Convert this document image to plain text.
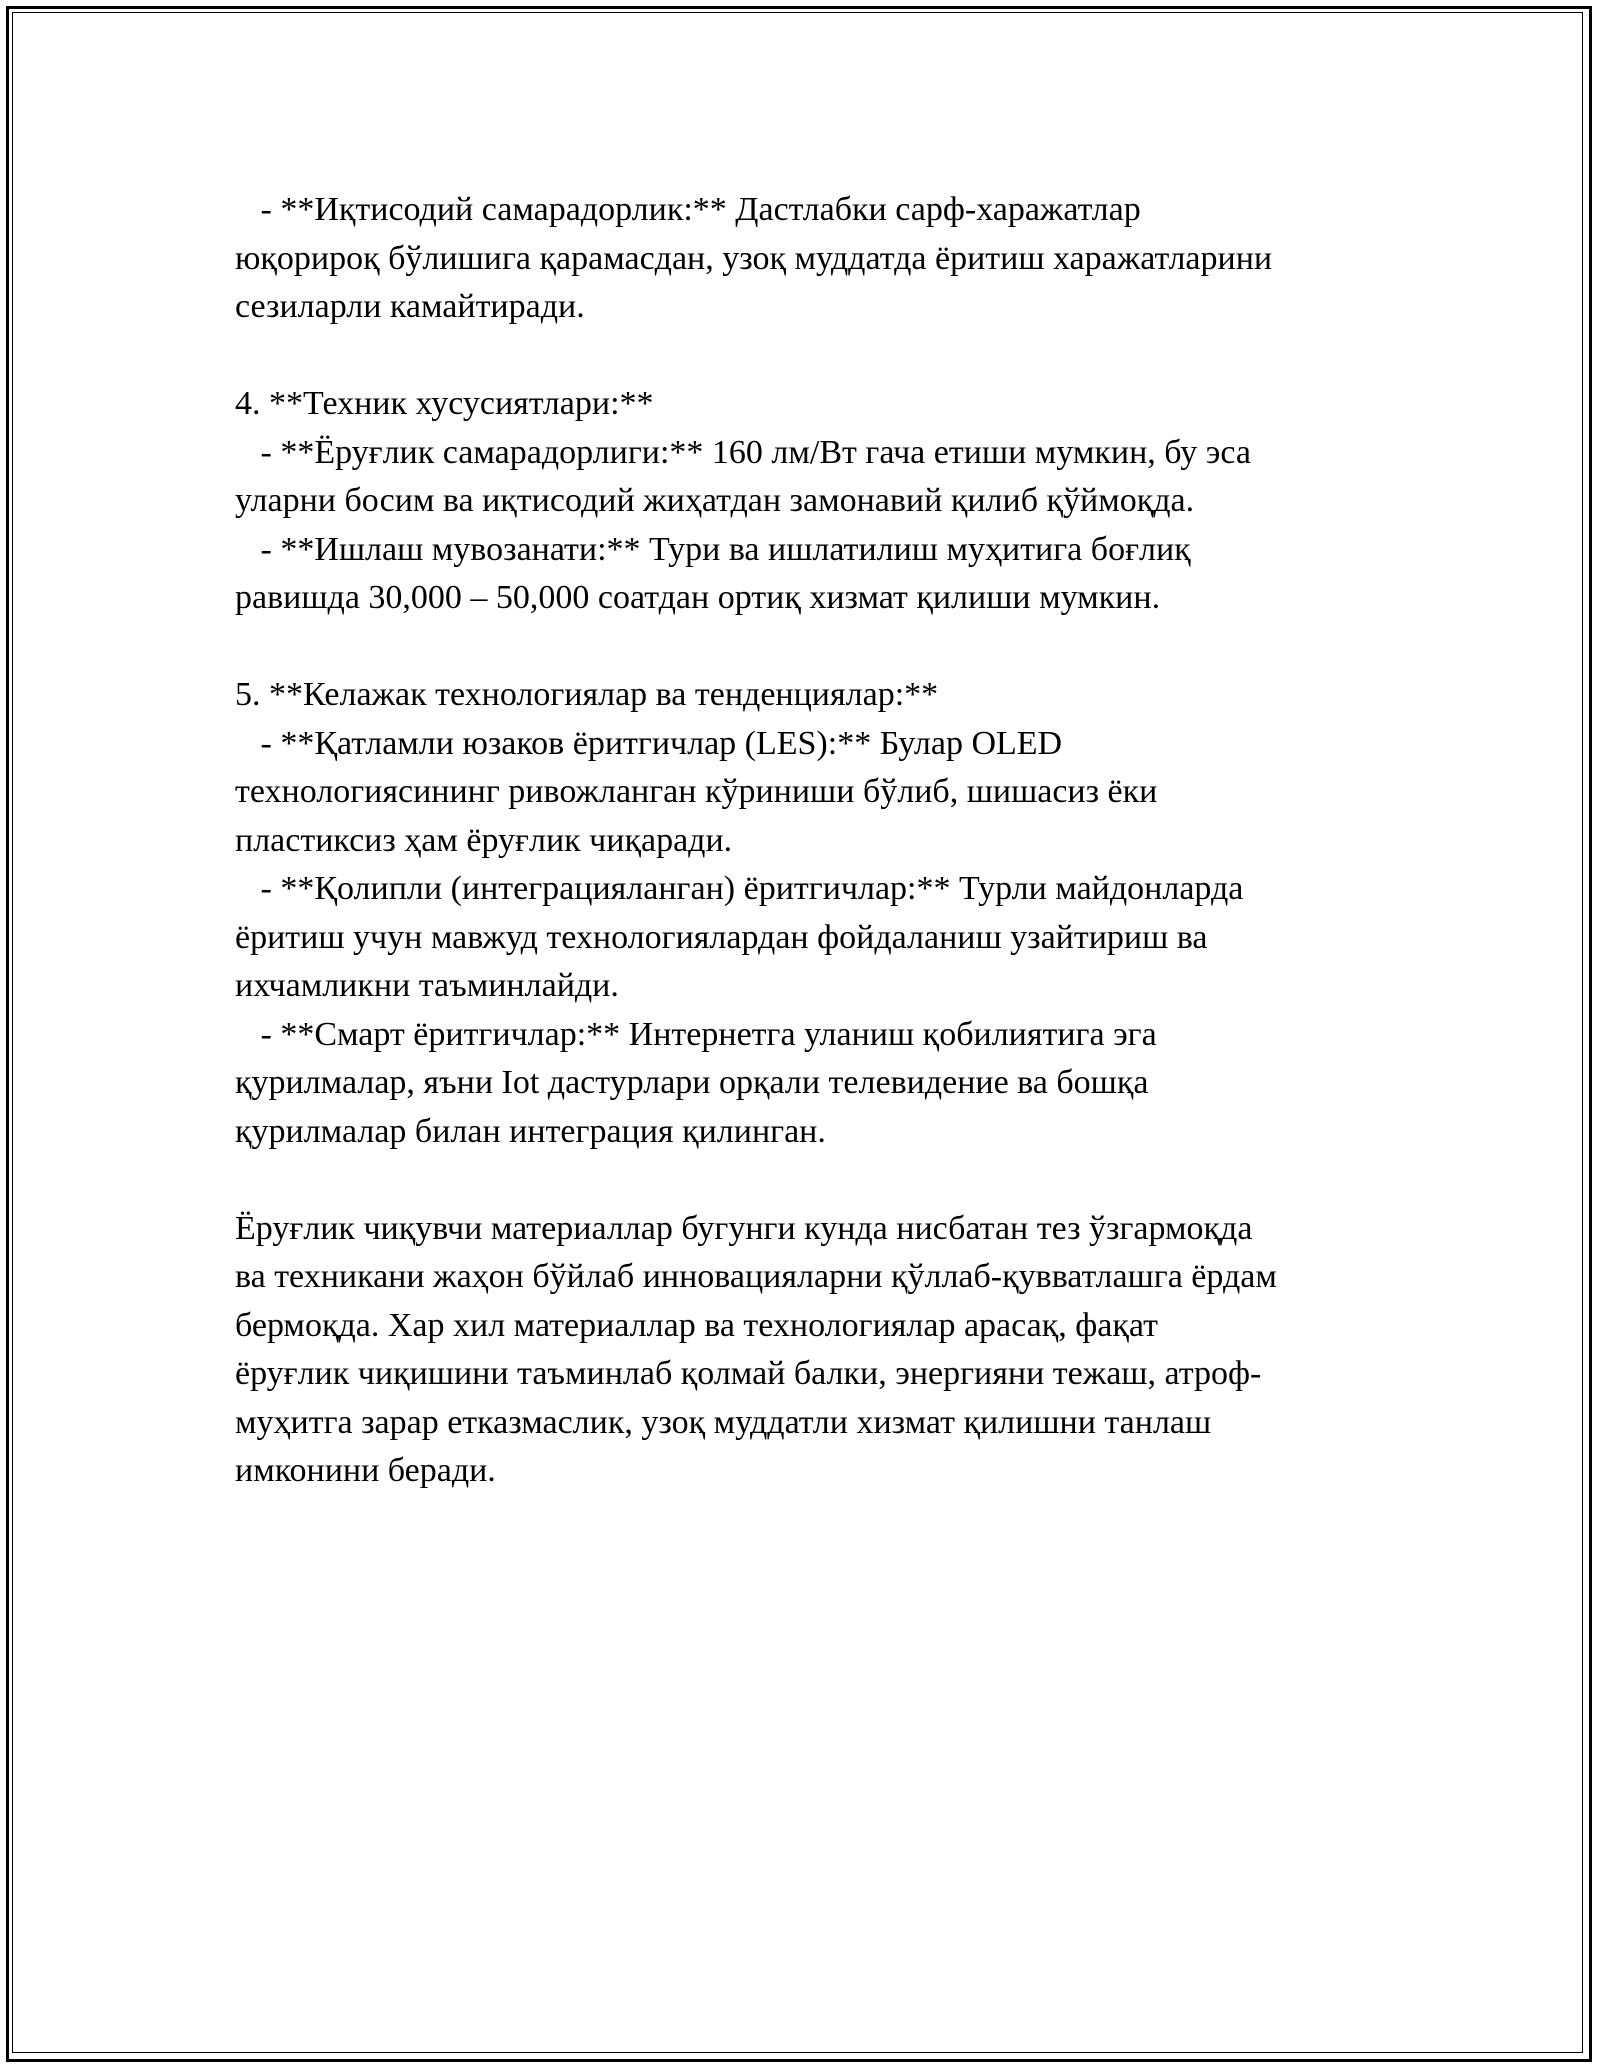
- **Иқтисодий самарадорлик:** Дастлабки сарф-харажатлар

юқорироқ бўлишига қарамасдан, узоқ муддатда ёритиш харажатларини

сезиларли камайтиради.

4. **Техник хусусиятлари:**

- **Ёруғлик самарадорлиги:** 160 лм/Вт гача етиши мумкин, бу эса

уларни босим ва иқтисодий жиҳатдан замонавий қилиб қўймоқда.

- **Ишлаш мувозанати:** Тури ва ишлатилиш муҳитига боғлиқ

равишда 30,000 – 50,000 соатдан ортиқ хизмат қилиши мумкин.

5. **Келажак технологиялар ва тенденциялар:**

- **Қатламли юзаков ёритгичлар (LES):** Булар OLED

технологиясининг ривожланган кўриниши бўлиб, шишасиз ёки

пластиксиз ҳам ёруғлик чиқаради.

- **Қолипли (интеграцияланган) ёритгичлар:** Турли майдонларда

ёритиш учун мавжуд технологиялардан фойдаланиш узайтириш ва

ихчамликни таъминлайди.

- **Смарт ёритгичлар:** Интернетга уланиш қобилиятига эга

қурилмалар, яъни Iot дастурлари орқали телевидение ва бошқа

қурилмалар билан интеграция қилинган.

Ёруғлик чиқувчи материаллар бугунги кунда нисбатан тез ўзгармоқда

ва техникани жаҳон бўйлаб инновацияларни қўллаб-қувватлашга ёрдам

бермоқда. Хар хил материаллар ва технологиялар арасақ, фақат

ёруғлик чиқишини таъминлаб қолмай балки, энергияни тежаш, атроф-

муҳитга зарар етказмаслик, узоқ муддатли хизмат қилишни танлаш

имконини беради.
